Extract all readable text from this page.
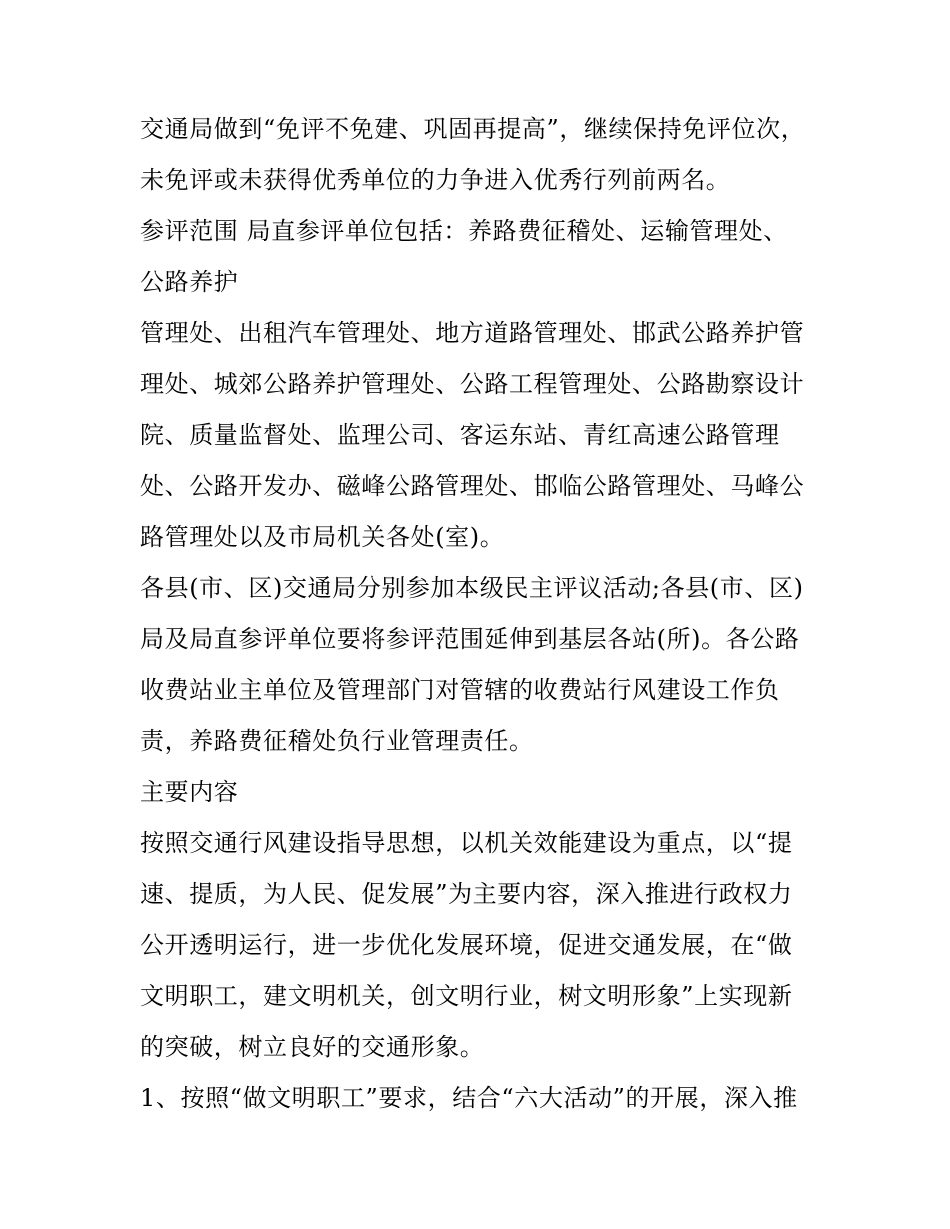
交通局做到“免评不免建、巩固再提高”，继续保持免评位次，
未免评或未获得优秀单位的力争进入优秀行列前两名。
参评范围 局直参评单位包括：养路费征稽处、运输管理处、
公路养护
管理处、出租汽车管理处、地方道路管理处、邯武公路养护管
理处、城郊公路养护管理处、公路工程管理处、公路勘察设计
院、质量监督处、监理公司、客运东站、青红高速公路管理
处、公路开发办、磁峰公路管理处、邯临公路管理处、马峰公
路管理处以及市局机关各处(室)。
各县(市、区)交通局分别参加本级民主评议活动;各县(市、区)
局及局直参评单位要将参评范围延伸到基层各站(所)。各公路
收费站业主单位及管理部门对管辖的收费站行风建设工作负
责，养路费征稽处负行业管理责任。
主要内容
按照交通行风建设指导思想，以机关效能建设为重点，以“提
速、提质，为人民、促发展”为主要内容，深入推进行政权力
公开透明运行，进一步优化发展环境，促进交通发展，在“做
文明职工，建文明机关，创文明行业，树文明形象”上实现新
的突破，树立良好的交通形象。
1、按照“做文明职工”要求，结合“六大活动”的开展，深入推
